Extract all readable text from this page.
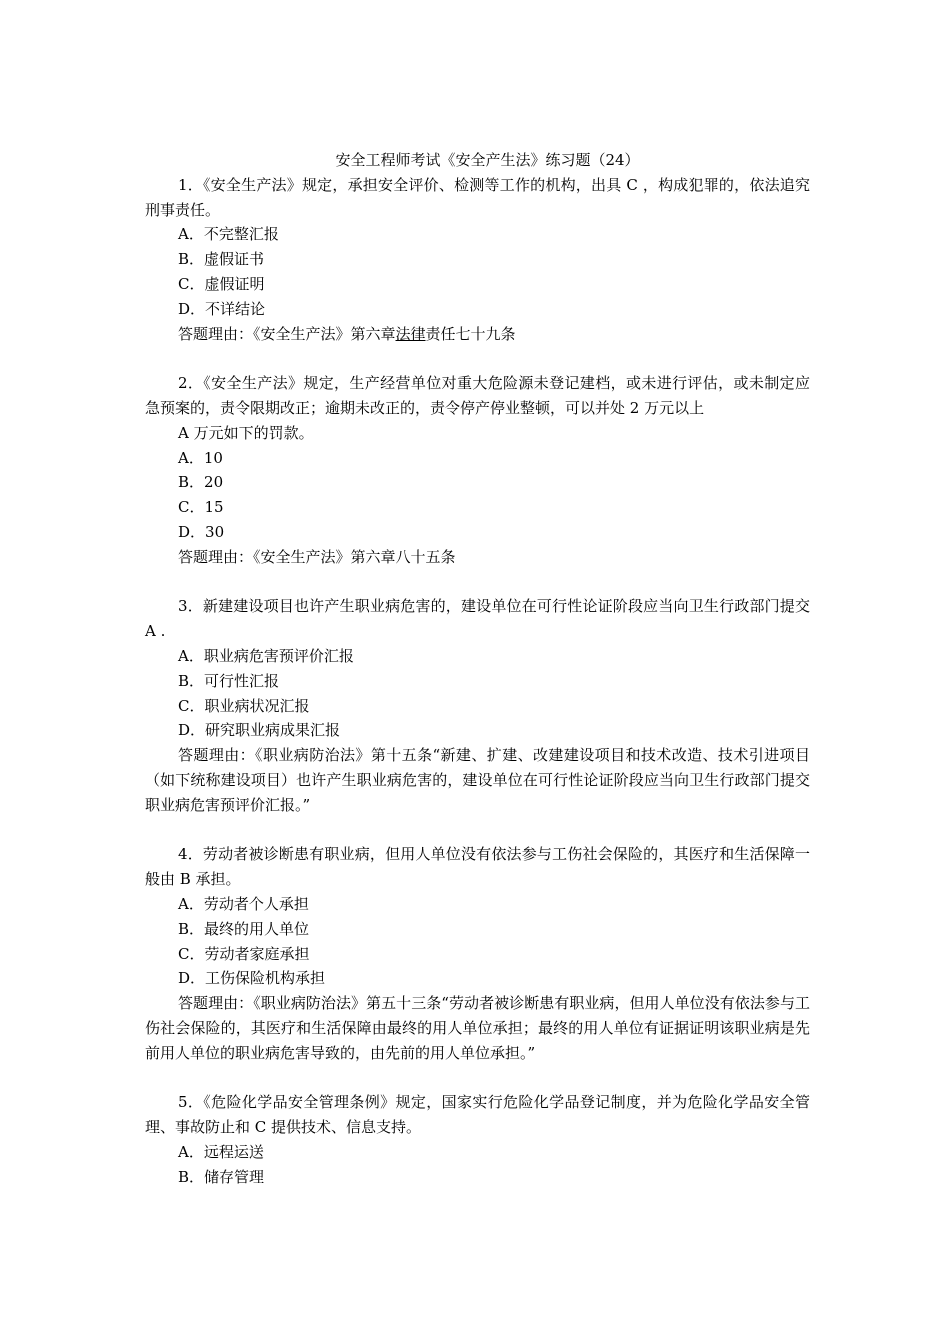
安全工程师考试《安全产生法》练习题（24）
1．《安全生产法》规定，承担安全评价、检测等工作的机构，出具 C ，构成犯罪的，依法追究刑事责任。
A．不完整汇报
B．虚假证书
C．虚假证明
D．不详结论
答题理由：《安全生产法》第六章法律责任七十九条
2．《安全生产法》规定，生产经营单位对重大危险源未登记建档，或未进行评估，或未制定应急预案的，责令限期改正；逾期未改正的，责令停产停业整顿，可以并处 2 万元以上
A 万元如下的罚款。
A．10
B．20
C．15
D．30
答题理由：《安全生产法》第六章八十五条
3．新建建设项目也许产生职业病危害的，建设单位在可行性论证阶段应当向卫生行政部门提交 A .
A．职业病危害预评价汇报
B．可行性汇报
C．职业病状况汇报
D．研究职业病成果汇报
答题理由：《职业病防治法》第十五条“新建、扩建、改建建设项目和技术改造、技术引进项目（如下统称建设项目）也许产生职业病危害的，建设单位在可行性论证阶段应当向卫生行政部门提交职业病危害预评价汇报。”
4．劳动者被诊断患有职业病，但用人单位没有依法参与工伤社会保险的，其医疗和生活保障一般由 B 承担。
A．劳动者个人承担
B．最终的用人单位
C．劳动者家庭承担
D．工伤保险机构承担
答题理由：《职业病防治法》第五十三条“劳动者被诊断患有职业病，但用人单位没有依法参与工伤社会保险的，其医疗和生活保障由最终的用人单位承担；最终的用人单位有证据证明该职业病是先前用人单位的职业病危害导致的，由先前的用人单位承担。”
5．《危险化学品安全管理条例》规定，国家实行危险化学品登记制度，并为危险化学品安全管理、事故防止和 C 提供技术、信息支持。
A．远程运送
B．储存管理
